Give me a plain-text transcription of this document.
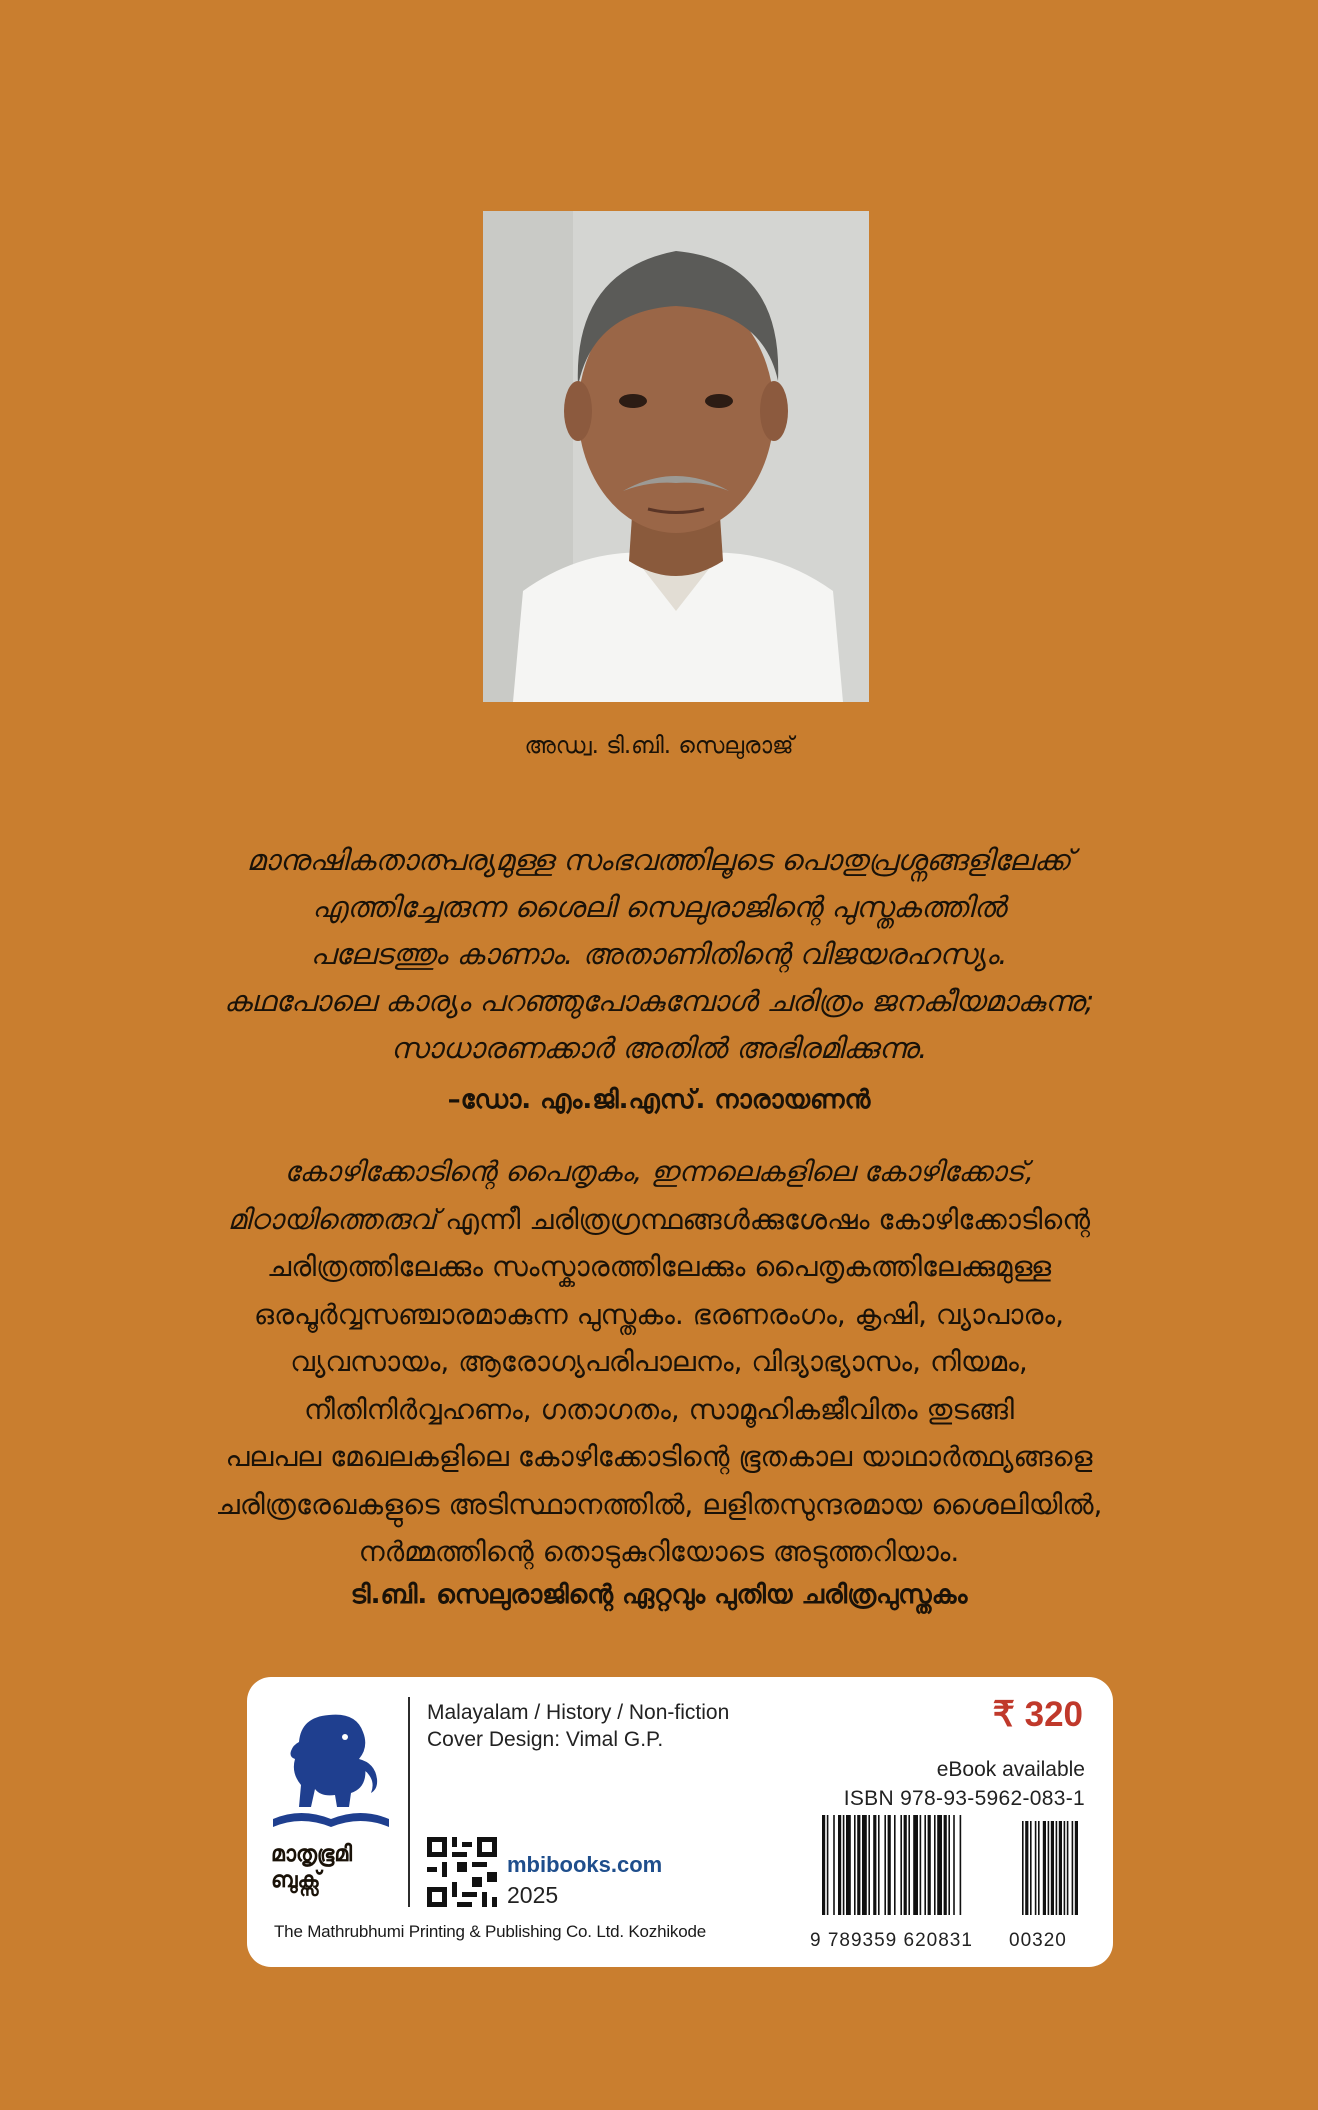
അഡ്വ. ടി.ബി. സെലുരാജ്
മാനുഷികതാത്പര്യമുള്ള സംഭവത്തിലൂടെ പൊതുപ്രശ്നങ്ങളിലേക്ക്
എത്തിച്ചേരുന്ന ശൈലി സെലുരാജിന്റെ പുസ്തകത്തിൽ
പലേടത്തും കാണാം. അതാണിതിന്റെ വിജയരഹസ്യം.
കഥപോലെ കാര്യം പറഞ്ഞുപോകുമ്പോൾ ചരിത്രം ജനകീയമാകുന്നു;
സാധാരണക്കാർ അതിൽ അഭിരമിക്കുന്നു.
–ഡോ. എം.ജി.എസ്. നാരായണൻ
കോഴിക്കോടിന്റെ പൈതൃകം, ഇന്നലെകളിലെ കോഴിക്കോട്,
മിഠായിത്തെരുവ് എന്നീ ചരിത്രഗ്രന്ഥങ്ങൾക്കുശേഷം കോഴിക്കോടിന്റെ
ചരിത്രത്തിലേക്കും സംസ്കാരത്തിലേക്കും പൈതൃകത്തിലേക്കുമുള്ള
ഒരപൂർവ്വസഞ്ചാരമാകുന്ന പുസ്തകം. ഭരണരംഗം, കൃഷി, വ്യാപാരം,
വ്യവസായം, ആരോഗ്യപരിപാലനം, വിദ്യാഭ്യാസം, നിയമം,
നീതിനിർവ്വഹണം, ഗതാഗതം, സാമൂഹികജീവിതം തുടങ്ങി
പലപല മേഖലകളിലെ കോഴിക്കോടിന്റെ ഭൂതകാല യാഥാർത്ഥ്യങ്ങളെ
ചരിത്രരേഖകളുടെ അടിസ്ഥാനത്തിൽ, ലളിതസുന്ദരമായ ശൈലിയിൽ,
നർമ്മത്തിന്റെ തൊടുകുറിയോടെ അടുത്തറിയാം.
ടി.ബി. സെലുരാജിന്റെ ഏറ്റവും പുതിയ ചരിത്രപുസ്തകം
മാതൃഭൂമി
ബുക്സ്
The Mathrubhumi Printing & Publishing Co. Ltd. Kozhikode
Malayalam / History / Non-fiction
Cover Design: Vimal G.P.
₹ 320
eBook available
ISBN 978-93-5962-083-1
mbibooks.com
2025
9 789359 620831 00320
